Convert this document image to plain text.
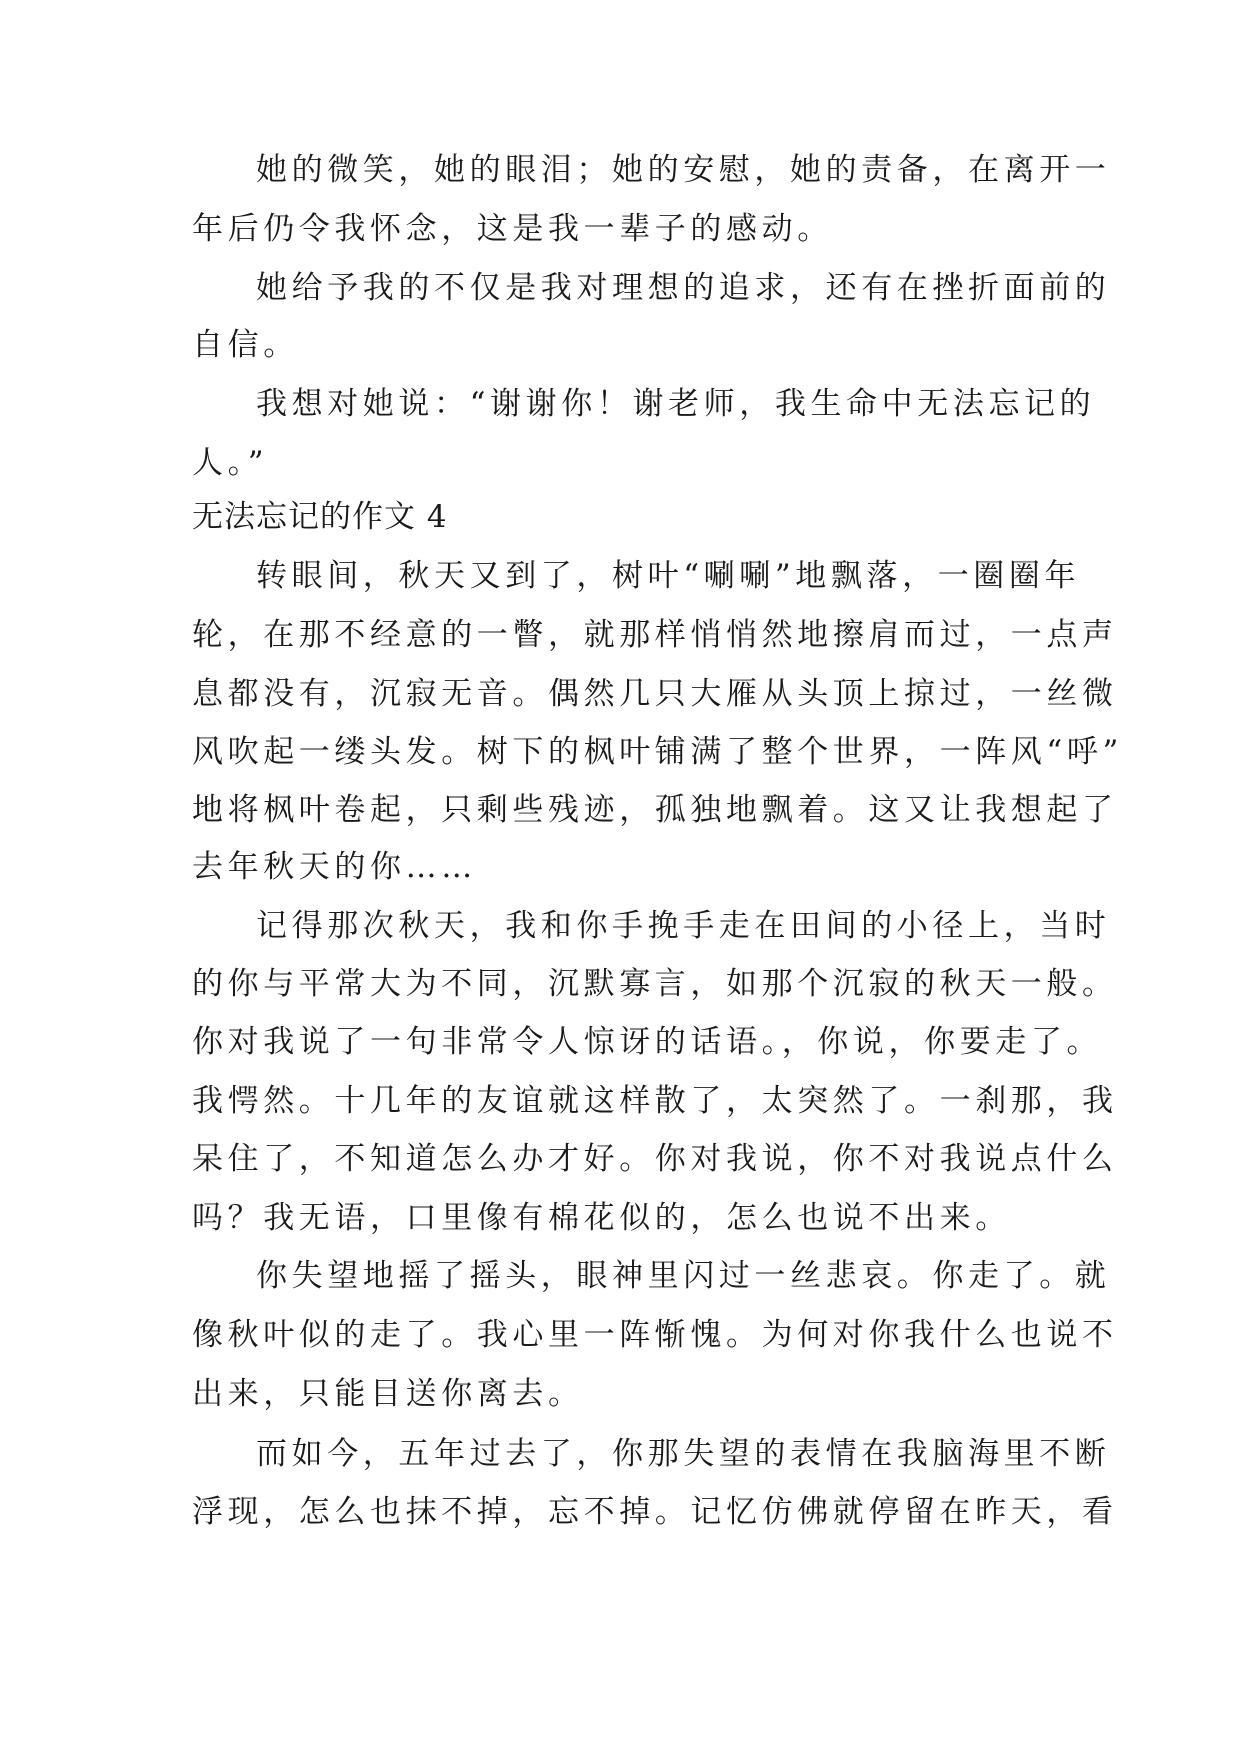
她的微笑，她的眼泪；她的安慰，她的责备，在离开一
年后仍令我怀念，这是我一辈子的感动。
她给予我的不仅是我对理想的追求，还有在挫折面前的
自信。
我想对她说：“谢谢你！谢老师，我生命中无法忘记的
人。”
无法忘记的作文 4
转眼间，秋天又到了，树叶“唰唰”地飘落，一圈圈年
轮，在那不经意的一瞥，就那样悄悄然地擦肩而过，一点声
息都没有，沉寂无音。偶然几只大雁从头顶上掠过，一丝微
风吹起一缕头发。树下的枫叶铺满了整个世界，一阵风“呼”
地将枫叶卷起，只剩些残迹，孤独地飘着。这又让我想起了
去年秋天的你……
记得那次秋天，我和你手挽手走在田间的小径上，当时
的你与平常大为不同，沉默寡言，如那个沉寂的秋天一般。
你对我说了一句非常令人惊讶的话语。，你说，你要走了。
我愕然。十几年的友谊就这样散了，太突然了。一刹那，我
呆住了，不知道怎么办才好。你对我说，你不对我说点什么
吗？我无语，口里像有棉花似的，怎么也说不出来。
你失望地摇了摇头，眼神里闪过一丝悲哀。你走了。就
像秋叶似的走了。我心里一阵惭愧。为何对你我什么也说不
出来，只能目送你离去。
而如今，五年过去了，你那失望的表情在我脑海里不断
浮现，怎么也抹不掉，忘不掉。记忆仿佛就停留在昨天，看
